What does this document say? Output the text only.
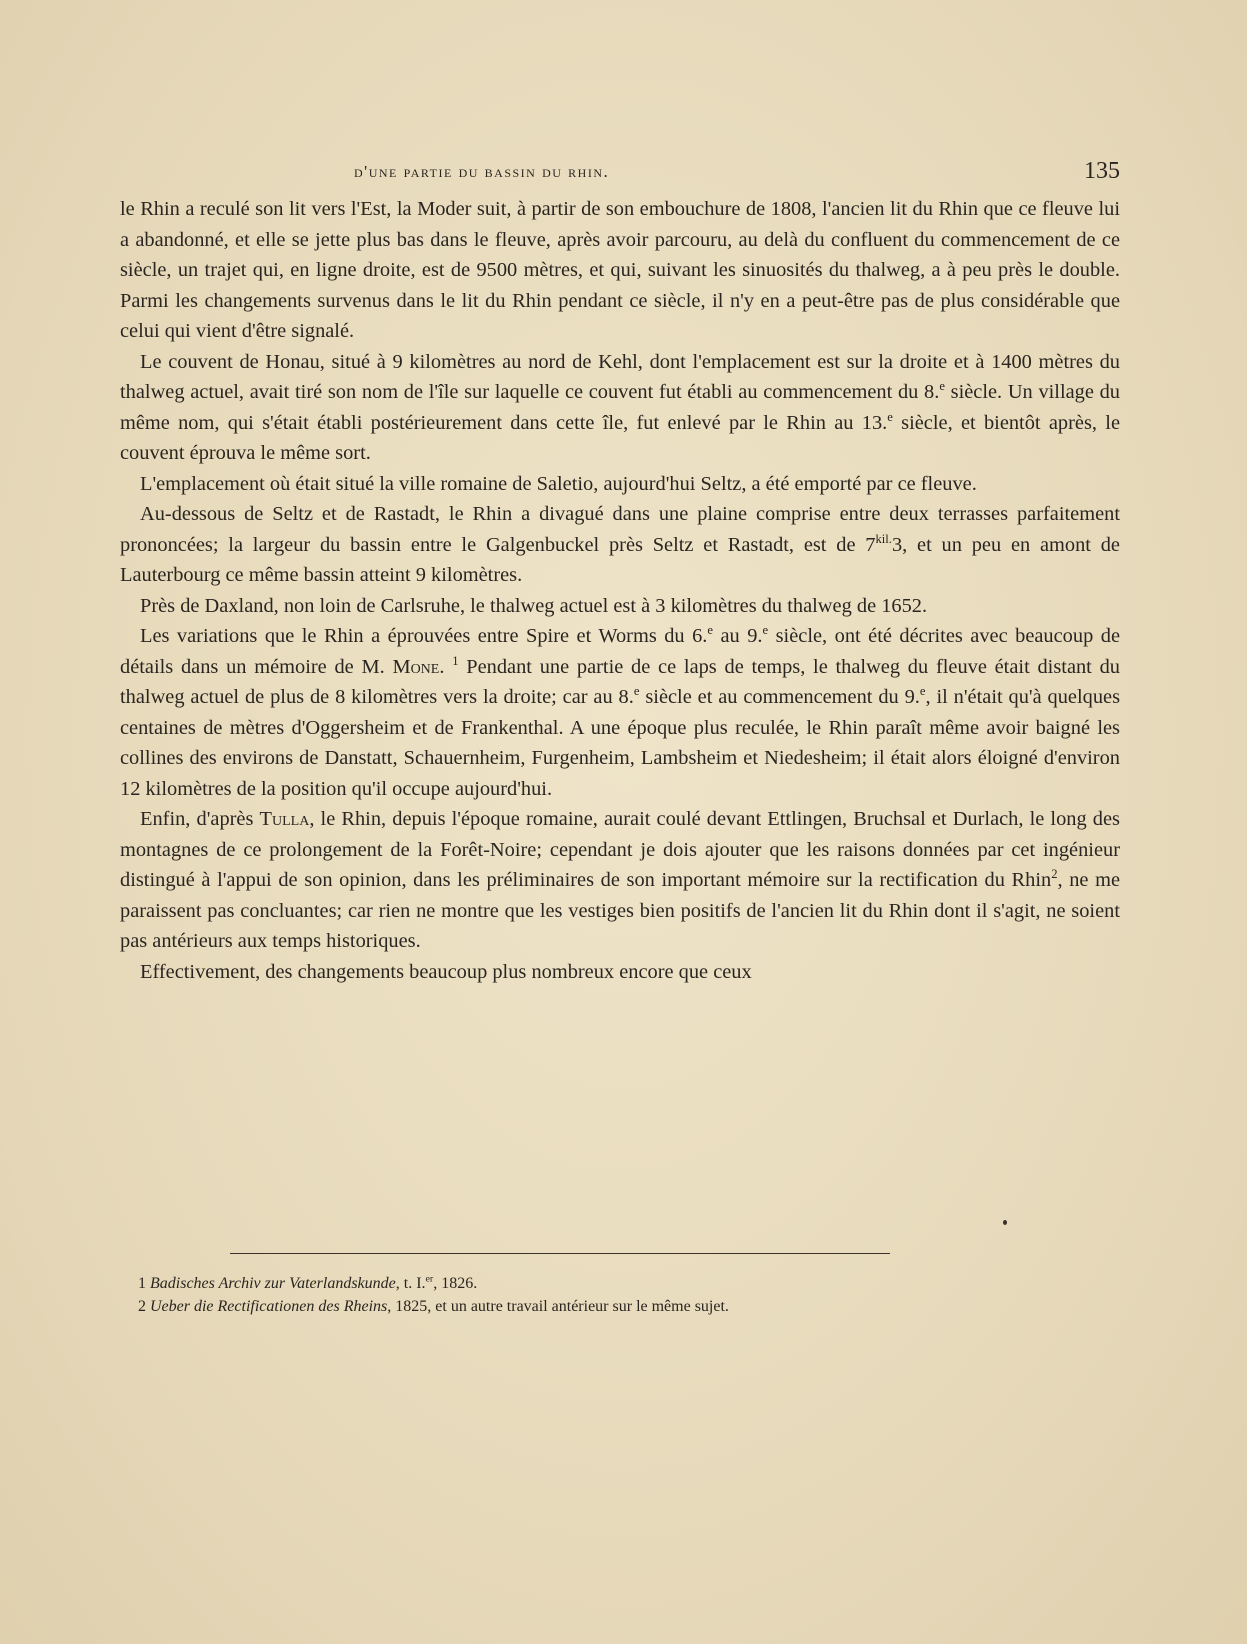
d'une partie du bassin du rhin.	135

le Rhin a reculé son lit vers l'Est, la Moder suit, à partir de son embouchure de 1808, l'ancien lit du Rhin que ce fleuve lui a abandonné, et elle se jette plus bas dans le fleuve, après avoir parcouru, au delà du confluent du commencement de ce siècle, un trajet qui, en ligne droite, est de 9500 mètres, et qui, suivant les sinuosités du thalweg, a à peu près le double. Parmi les changements survenus dans le lit du Rhin pendant ce siècle, il n'y en a peut-être pas de plus considérable que celui qui vient d'être signalé.

Le couvent de Honau, situé à 9 kilomètres au nord de Kehl, dont l'emplacement est sur la droite et à 1400 mètres du thalweg actuel, avait tiré son nom de l'île sur laquelle ce couvent fut établi au commencement du 8.$^e$ siècle. Un village du même nom, qui s'était établi postérieurement dans cette île, fut enlevé par le Rhin au 13.$^e$ siècle, et bientôt après, le couvent éprouva le même sort.

L'emplacement où était situé la ville romaine de Saletio, aujourd'hui Seltz, a été emporté par ce fleuve.

Au-dessous de Seltz et de Rastadt, le Rhin a divagué dans une plaine comprise entre deux terrasses parfaitement prononcées; la largeur du bassin entre le Galgenbuckel près Seltz et Rastadt, est de $7^{kil.}3$, et un peu en amont de Lauterbourg ce même bassin atteint 9 kilomètres.

Près de Daxland, non loin de Carlsruhe, le thalweg actuel est à 3 kilomètres du thalweg de 1652.

Les variations que le Rhin a éprouvées entre Spire et Worms du 6.$^e$ au 9.$^e$ siècle, ont été décrites avec beaucoup de détails dans un mémoire de M. Mone. $^1$ Pendant une partie de ce laps de temps, le thalweg du fleuve était distant du thalweg actuel de plus de 8 kilomètres vers la droite; car au 8.$^e$ siècle et au commencement du 9.$^e$, il n'était qu'à quelques centaines de mètres d'Oggersheim et de Frankenthal. A une époque plus reculée, le Rhin paraît même avoir baigné les collines des environs de Danstatt, Schauernheim, Furgenheim, Lambsheim et Niedesheim; il était alors éloigné d'environ 12 kilomètres de la position qu'il occupe aujourd'hui.

Enfin, d'après Tulla, le Rhin, depuis l'époque romaine, aurait coulé devant Ettlingen, Bruchsal et Durlach, le long des montagnes de ce prolongement de la Forêt-Noire; cependant je dois ajouter que les raisons données par cet ingénieur distingué à l'appui de son opinion, dans les préliminaires de son important mémoire sur la rectification du Rhin$^2$, ne me paraissent pas concluantes; car rien ne montre que les vestiges bien positifs de l'ancien lit du Rhin dont il s'agit, ne soient pas antérieurs aux temps historiques.

Effectivement, des changements beaucoup plus nombreux encore que ceux

1 Badisches Archiv zur Vaterlandskunde, t. I.$^{er}$, 1826.
2 Ueber die Rectificationen des Rheins, 1825, et un autre travail antérieur sur le même sujet.
